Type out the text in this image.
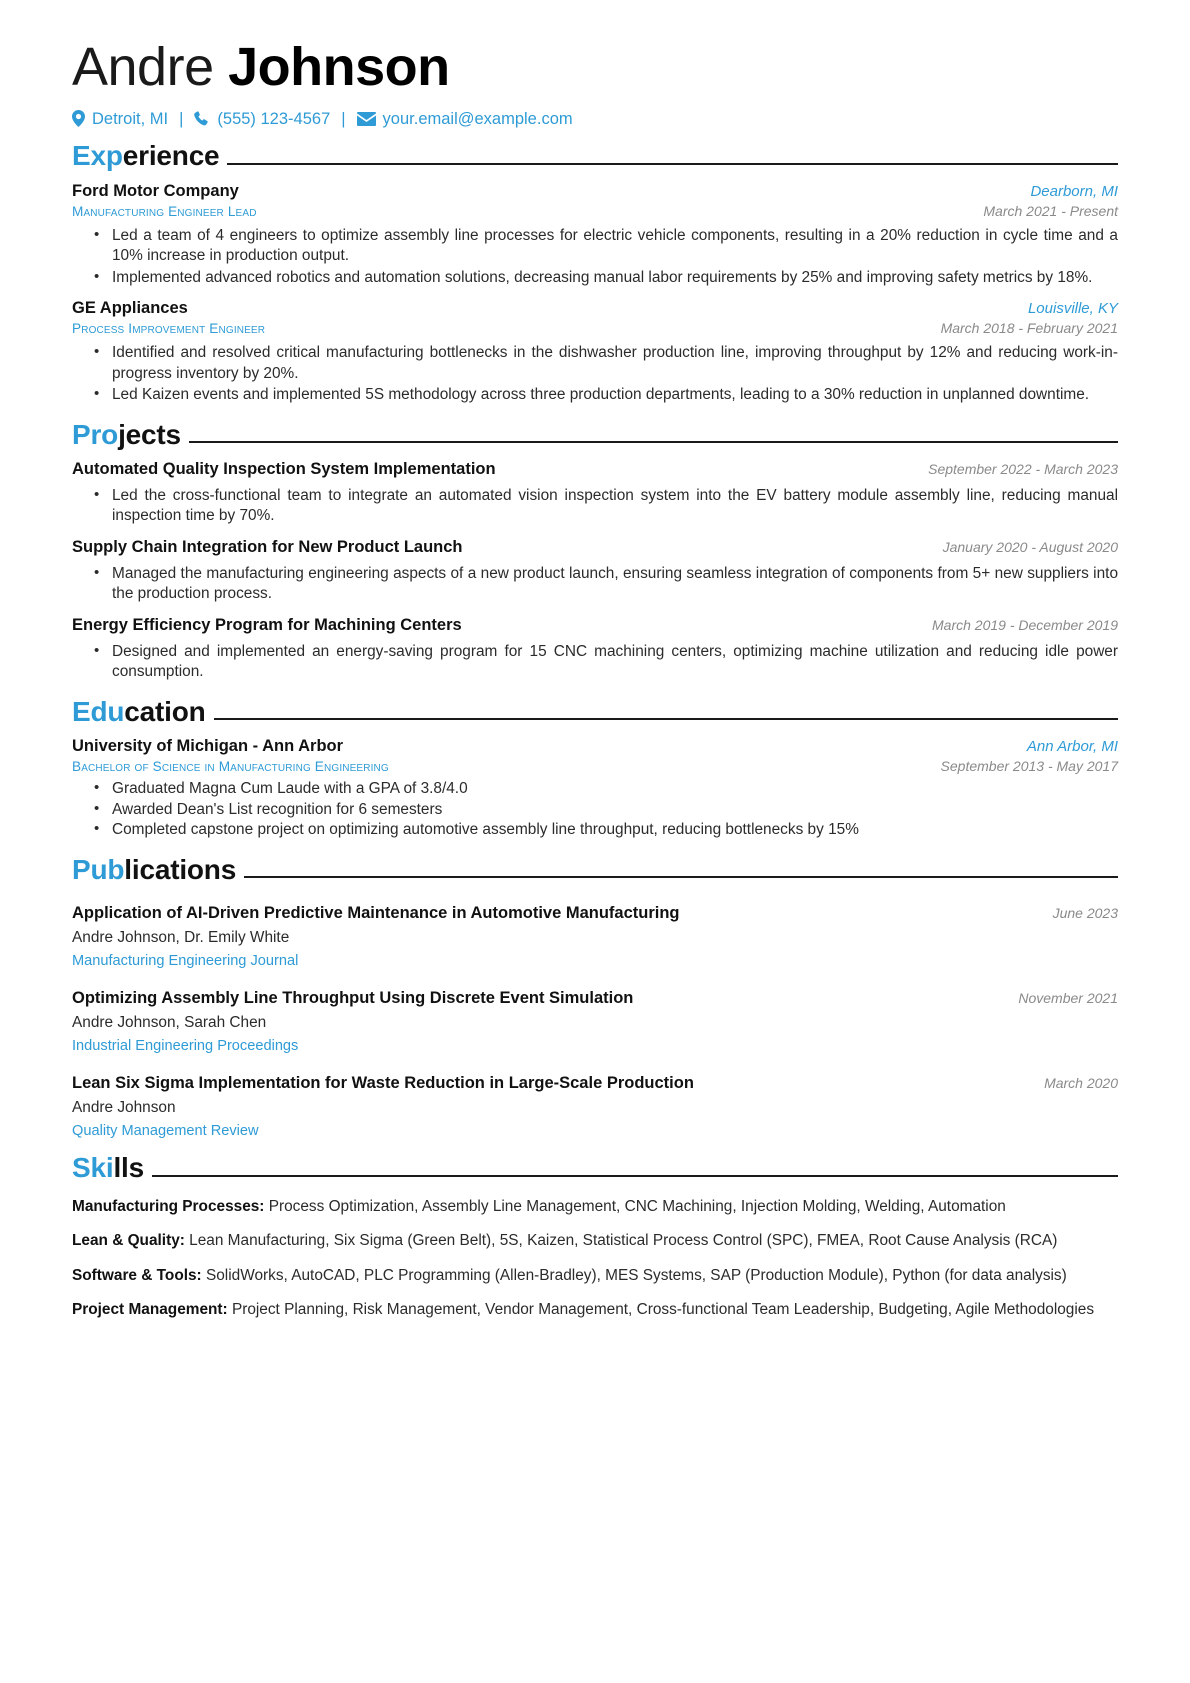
Andre Johnson
Detroit, MI |	(555) 123-4567 |	your.email@example.com
Experience
Ford Motor Company	Dearborn, MI
Manufacturing Engineer Lead	March 2021 - Present
• Led a team of 4 engineers to optimize assembly line processes for electric vehicle components, resulting in a 20% reduction in cycle time and a 10% increase in production output.
• Implemented advanced robotics and automation solutions, decreasing manual labor requirements by 25% and improving safety metrics by 18%.
GE Appliances	Louisville, KY
Process Improvement Engineer	March 2018 - February 2021
• Identified and resolved critical manufacturing bottlenecks in the dishwasher production line, improving throughput by 12% and reducing work-in-progress inventory by 20%.
• Led Kaizen events and implemented 5S methodology across three production departments, leading to a 30% reduction in unplanned downtime.
Projects
Automated Quality Inspection System Implementation	September 2022 - March 2023
• Led the cross-functional team to integrate an automated vision inspection system into the EV battery module assembly line, reducing manual inspection time by 70%.
Supply Chain Integration for New Product Launch	January 2020 - August 2020
• Managed the manufacturing engineering aspects of a new product launch, ensuring seamless integration of components from 5+ new suppliers into the production process.
Energy Efficiency Program for Machining Centers	March 2019 - December 2019
• Designed and implemented an energy-saving program for 15 CNC machining centers, optimizing machine utilization and reducing idle power consumption.
Education
University of Michigan - Ann Arbor	Ann Arbor, MI
Bachelor of Science in Manufacturing Engineering	September 2013 - May 2017
• Graduated Magna Cum Laude with a GPA of 3.8/4.0
• Awarded Dean's List recognition for 6 semesters
• Completed capstone project on optimizing automotive assembly line throughput, reducing bottlenecks by 15%
Publications
Application of AI-Driven Predictive Maintenance in Automotive Manufacturing	June 2023
Andre Johnson, Dr. Emily White
Manufacturing Engineering Journal
Optimizing Assembly Line Throughput Using Discrete Event Simulation	November 2021
Andre Johnson, Sarah Chen
Industrial Engineering Proceedings
Lean Six Sigma Implementation for Waste Reduction in Large-Scale Production	March 2020
Andre Johnson
Quality Management Review
Skills
Manufacturing Processes: Process Optimization, Assembly Line Management, CNC Machining, Injection Molding, Welding, Automation
Lean & Quality: Lean Manufacturing, Six Sigma (Green Belt), 5S, Kaizen, Statistical Process Control (SPC), FMEA, Root Cause Analysis (RCA)
Software & Tools: SolidWorks, AutoCAD, PLC Programming (Allen-Bradley), MES Systems, SAP (Production Module), Python (for data analysis)
Project Management: Project Planning, Risk Management, Vendor Management, Cross-functional Team Leadership, Budgeting, Agile Methodologies
